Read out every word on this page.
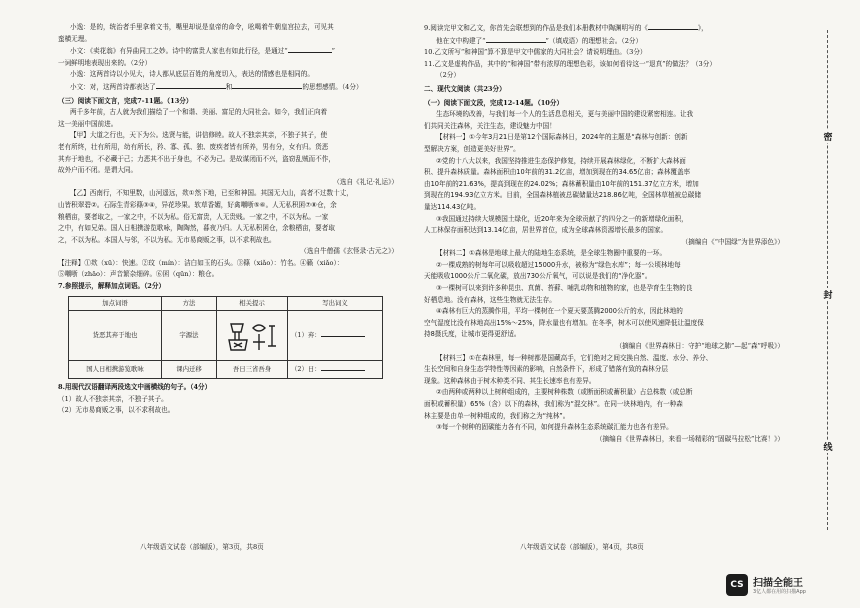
小逸：是的，统治者手里拿着文书，嘴里却说是皇帝的命令，吆喝着牛朝皇宫拉去，可见其
蛮横无理。
小文：《卖花翁》有异曲同工之妙。诗中的富贵人家也有如此行径，是通过“	”
一词鲜明地表现出来的。（2分）
小逸：这两首诗以小见大，诗人都从底层百姓的角度切入，表达的情感也是相同的。
小文：对，这两首诗都表达了	和	的思想感情。（4分）
（三）阅读下面文言，完成7-11题。（13分）
两千多年前，古人就为我们描绘了一个和谐、美丽、富足的大同社会。如今，我们正向着
这一美丽中国前进。
【甲】大道之行也，天下为公。选贤与能，讲信修睦。故人不独亲其亲，不独子其子，使
老有所终，壮有所用，幼有所长，矜、寡、孤、独、废疾者皆有所养，男有分，女有归。货恶
其弃于地也，不必藏于己；力恶其不出于身也，不必为己。是故谋闭而不兴，盗窃乱贼而不作，
故外户而不闭。是谓大同。
（选自《礼记·礼运》）
【乙】西南行，不知里数，山河遥远，欻①然下地，已至和神国。其国无大山，高者不过数十丈，
山皆积翠碧②。石际生青彩篠③④，异花珍果。软草香媚，好禽嘲哳⑤⑥。人无私积囷⑦⑧仓，余
粮栖亩，要者取之，一家之中，不以为私。俗无富贵，人无贵贱。一家之中，不以为私。一家
之中，有如兄弟。国人日相携游览歌咏，陶陶然，暮夜乃归。人无私积囷仓，余粮栖亩，要者取
之，不以为私。本国人与邻，不以为私。无市易商贩之事，以不求利故也。
（选自牛僧孺《玄怪录·古元之》）
【注释】①欻（xū）：快速。②玟（mín）：洁白如玉的石头。③篠（xiǎo）：竹名。④籁（xiǎo）：
⑤嘲哳（zhāo）：声音繁杂细碎。⑥囷（qūn）：粮仓。
7.参照提示，解释加点词语。（2分）
加点词语	方法	相关提示	写出词义
货恶其弃于地也	字源法		（1）弃：
国人日相携游览歌咏	课内迁移	吾日三省吾身	（2）日：
8.用现代汉语翻译两段选文中画横线的句子。（4分）
（1）故人不独亲其亲，不独子其子。
（2）无市易商贩之事，以不求利故也。
八年级语文试卷（部编版），第3页，共8页
9.阅读完甲文和乙文，你首先会联想到的作品是我们本册教材中陶渊明写的《	》，
他在文中构建了“	”（填成语）的理想社会。（2分）
10.乙文所写“和神国”算不算是甲文中儒家的大同社会？请说明理由。（3分）
11.乙文是虚构作品，其中的“和神国”带有浓厚的理想色彩，该如何看待这一“退真”的做法？（3分）
（2分）
二、现代文阅读（共23分）
（一）阅读下面文段，完成12-14题。（10分）
生态环境的改善，与我们每一个人的生活息息相关，更与美丽中国的建设紧密相连。让我
们共同关注森林，关注生态，建设魅力中国！
【材料一】①今年3月21日是第12个国际森林日，2024年的主题是“森林与创新：创新
型解决方案，创造更美好世界”。
②党的十八大以来，我国坚持推进生态保护修复，持续开展森林绿化，不断扩大森林面
积、提升森林质量。森林面积由10年前的31.2亿亩，增加到现在的34.65亿亩；森林覆盖率
由10年前的21.63%，提高到现在的24.02%；森林蓄积量由10年前的151.37亿立方米，增加
到现在的194.93亿立方米。目前，全国森林植被总碳储量达218.86亿吨，全国林草植被总碳储
量达114.43亿吨。
③我国通过持续大规模国土绿化，近20年来为全球贡献了约四分之一的新增绿化面积，
人工林保存面积达到13.14亿亩，居世界首位，成为全球森林资源增长最多的国家。
（摘编自《“中国绿”为世界添色》）
【材料二】①森林是地球上最大的陆地生态系统，是全球生物圈中重要的一环。
②一棵成熟的树每年可以吸收超过15000升水，被称为“绿色水库”；每一公顷林地每
天能吸收1000公斤二氧化碳，放出730公斤氧气，可以说是我们的“净化器”。
③一棵树可以来到许多种昆虫、真菌、苔藓、哺乳动物和植物的家，也是孕育生生物的良
好栖息地。没有森林，这些生物就无法生存。
④森林有巨大的蒸腾作用，平均一棵树在一个夏天要蒸腾2000公斤的水，因此林地的
空气湿度比没有林地高出15%～25%，降水量也有增加。在冬季，树木可以使风速降低让温度保
持8摄氏度，让城市更得更舒适。
（摘编自《世界森林日：守护“地球之肺”—起“森”呼吸》）
【材料三】①在森林里，每一种树都是国藏高手，它们绝对之间交换自然、温度、水分、养分、
生长空间和自身生态学特性等因素的影响，自然条件下，形成了错落有致的森林分层
现象。这种森林由于树木种类不同、其生长速率也有差异。
②由两种或两种以上树种组成的，主要树种株数（或断面积或蓄积量）占总株数（或总断
面积或蓄积量）65%（含）以下的森林，我们称为“混交林”。在同一块林地内，有一种森
林主要是由单一树种组成的，我们称之为“纯林”。
③每一个树种的固碳能力各有不同，如何提升森林生态系统碳汇能力也各有差异。
（摘编自《世界森林日，来看一场精彩的“固碳马拉松”比赛！》）
八年级语文试卷（部编版），第4页，共8页
密
封
线
CS 扫描全能王
3亿人都在用的扫描App
